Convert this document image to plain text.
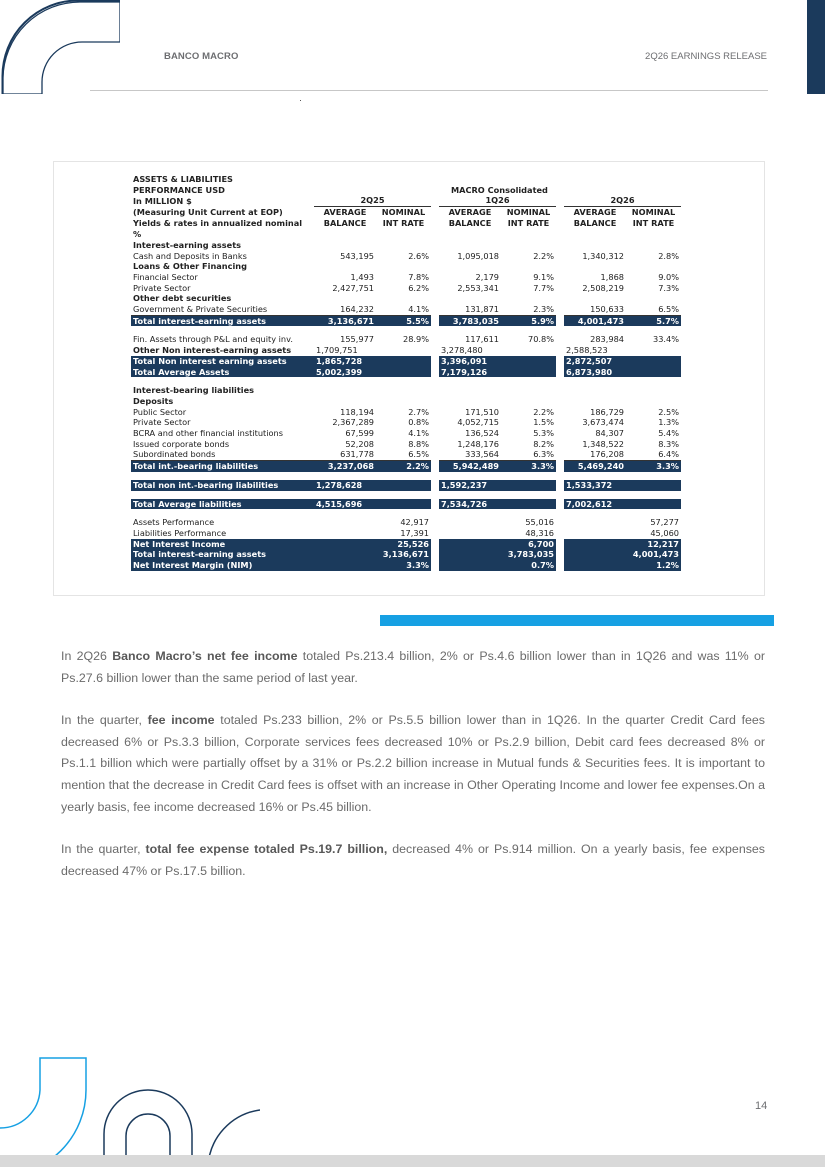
BANCO MACRO	2Q26 EARNINGS RELEASE
ASSETS & LIABILITIES								
PERFORMANCE USD				MACRO Consolidated				
In MILLION $	2Q25			1Q26			2Q26	
(Measuring Unit Current at EOP)	AVERAGE	NOMINAL		AVERAGE	NOMINAL		AVERAGE	NOMINAL
Yields & rates in annualized nominal %	BALANCE	INT RATE		BALANCE	INT RATE		BALANCE	INT RATE

Interest-earning assets								
Cash and Deposits in Banks	543,195	2.6%		1,095,018	2.2%		1,340,312	2.8%
Loans & Other Financing								
Financial Sector	1,493	7.8%		2,179	9.1%		1,868	9.0%
Private Sector	2,427,751	6.2%		2,553,341	7.7%		2,508,219	7.3%
Other debt securities								
Government & Private Securities	164,232	4.1%		131,871	2.3%		150,633	6.5%
Total interest-earning assets	3,136,671	5.5%		3,783,035	5.9%		4,001,473	5.7%

Fin. Assets through P&L and equity inv.	155,977	28.9%		117,611	70.8%		283,984	33.4%
Other Non interest-earning assets	1,709,751			3,278,480			2,588,523	
Total Non interest earning assets	1,865,728			3,396,091			2,872,507	
Total Average Assets	5,002,399			7,179,126			6,873,980	

Interest-bearing liabilities								
Deposits								
Public Sector	118,194	2.7%		171,510	2.2%		186,729	2.5%
Private Sector	2,367,289	0.8%		4,052,715	1.5%		3,673,474	1.3%
BCRA and other financial institutions	67,599	4.1%		136,524	5.3%		84,307	5.4%
Issued corporate bonds	52,208	8.8%		1,248,176	8.2%		1,348,522	8.3%
Subordinated bonds	631,778	6.5%		333,564	6.3%		176,208	6.4%
Total int.-bearing liabilities	3,237,068	2.2%		5,942,489	3.3%		5,469,240	3.3%

Total non int.-bearing liabilities	1,278,628			1,592,237			1,533,372	

Total Average liabilities	4,515,696			7,534,726			7,002,612	

Assets Performance		42,917			55,016			57,277
Liabilities Performance		17,391			48,316			45,060
Net Interest Income		25,526			6,700			12,217
Total interest-earning assets		3,136,671			3,783,035			4,001,473
Net Interest Margin (NIM)		3.3%			0.7%			1.2%

In 2Q26 Banco Macro’s net fee income totaled Ps.213.4 billion, 2% or Ps.4.6 billion lower than in 1Q26 and was 11% or Ps.27.6 billion lower than the same period of last year.

In the quarter, fee income totaled Ps.233 billion, 2% or Ps.5.5 billion lower than in 1Q26. In the quarter Credit Card fees decreased 6% or Ps.3.3 billion, Corporate services fees decreased 10% or Ps.2.9 billion, Debit card fees decreased 8% or Ps.1.1 billion which were partially offset by a 31% or Ps.2.2 billion increase in Mutual funds & Securities fees. It is important to mention that the decrease in Credit Card fees is offset with an increase in Other Operating Income and lower fee expenses.On a yearly basis, fee income decreased 16% or Ps.45 billion.

In the quarter, total fee expense totaled Ps.19.7 billion, decreased 4% or Ps.914 million. On a yearly basis, fee expenses decreased 47% or Ps.17.5 billion.

14
